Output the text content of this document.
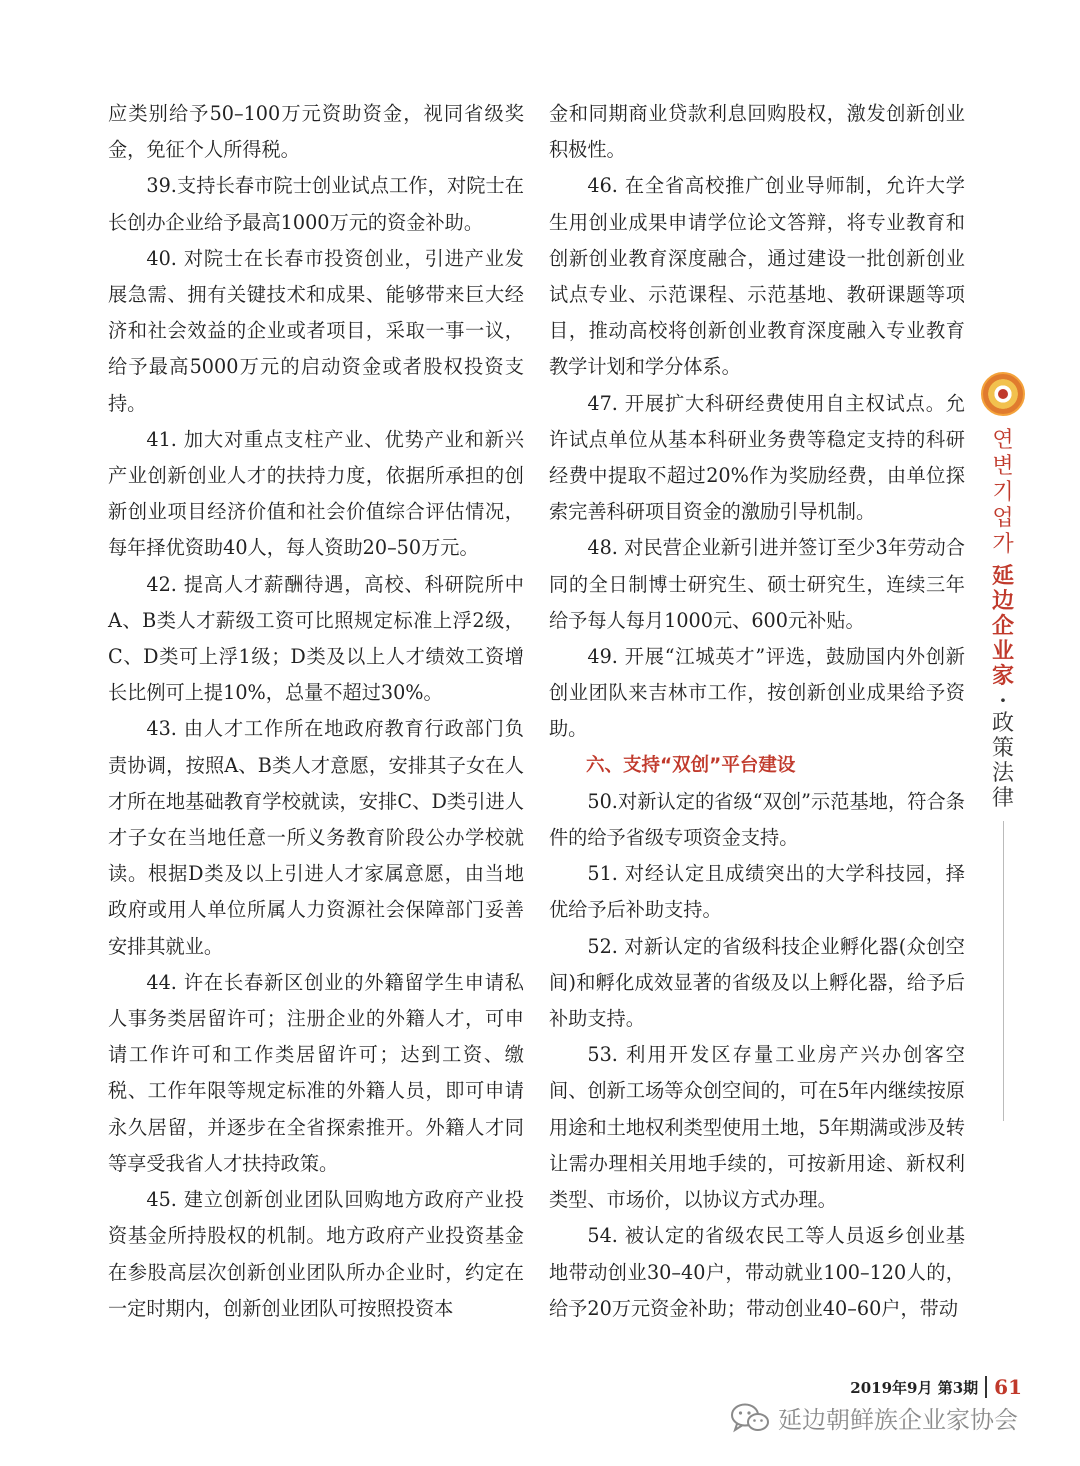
应类别给予50–100万元资助资金，视同省级奖金，免征个人所得税。

39.支持长春市院士创业试点工作，对院士在长创办企业给予最高1000万元的资金补助。

40. 对院士在长春市投资创业，引进产业发展急需、拥有关键技术和成果、能够带来巨大经济和社会效益的企业或者项目，采取一事一议，给予最高5000万元的启动资金或者股权投资支持。

41. 加大对重点支柱产业、优势产业和新兴产业创新创业人才的扶持力度，依据所承担的创新创业项目经济价值和社会价值综合评估情况，每年择优资助40人，每人资助20–50万元。

42. 提高人才薪酬待遇，高校、科研院所中A、B类人才薪级工资可比照规定标准上浮2级，C、D类可上浮1级；D类及以上人才绩效工资增长比例可上提10%，总量不超过30%。

43. 由人才工作所在地政府教育行政部门负责协调，按照A、B类人才意愿，安排其子女在人才所在地基础教育学校就读，安排C、D类引进人才子女在当地任意一所义务教育阶段公办学校就读。根据D类及以上引进人才家属意愿，由当地政府或用人单位所属人力资源社会保障部门妥善安排其就业。

44. 许在长春新区创业的外籍留学生申请私人事务类居留许可；注册企业的外籍人才，可申请工作许可和工作类居留许可；达到工资、缴税、工作年限等规定标准的外籍人员，即可申请永久居留，并逐步在全省探索推开。外籍人才同等享受我省人才扶持政策。

45. 建立创新创业团队回购地方政府产业投资基金所持股权的机制。地方政府产业投资基金在参股高层次创新创业团队所办企业时，约定在一定时期内，创新创业团队可按照投资本

金和同期商业贷款利息回购股权，激发创新创业积极性。

46. 在全省高校推广创业导师制，允许大学生用创业成果申请学位论文答辩，将专业教育和创新创业教育深度融合，通过建设一批创新创业试点专业、示范课程、示范基地、教研课题等项目，推动高校将创新创业教育深度融入专业教育教学计划和学分体系。

47. 开展扩大科研经费使用自主权试点。允许试点单位从基本科研业务费等稳定支持的科研经费中提取不超过20%作为奖励经费，由单位探索完善科研项目资金的激励引导机制。

48. 对民营企业新引进并签订至少3年劳动合同的全日制博士研究生、硕士研究生，连续三年给予每人每月1000元、600元补贴。

49. 开展“江城英才”评选，鼓励国内外创新创业团队来吉林市工作，按创新创业成果给予资助。

六、支持“双创”平台建设

50.对新认定的省级“双创”示范基地，符合条件的给予省级专项资金支持。

51. 对经认定且成绩突出的大学科技园，择优给予后补助支持。

52. 对新认定的省级科技企业孵化器(众创空间)和孵化成效显著的省级及以上孵化器，给予后补助支持。

53. 利用开发区存量工业房产兴办创客空间、创新工场等众创空间的，可在5年内继续按原用途和土地权利类型使用土地，5年期满或涉及转让需办理相关用地手续的，可按新用途、新权利类型、市场价，以协议方式办理。

54. 被认定的省级农民工等人员返乡创业基地带动创业30–40户，带动就业100–120人的，给予20万元资金补助；带动创业40–60户，带动

연변기업가
延边企业家
·
政策法律
2019年9月 第3期 61
延边朝鲜族企业家协会
